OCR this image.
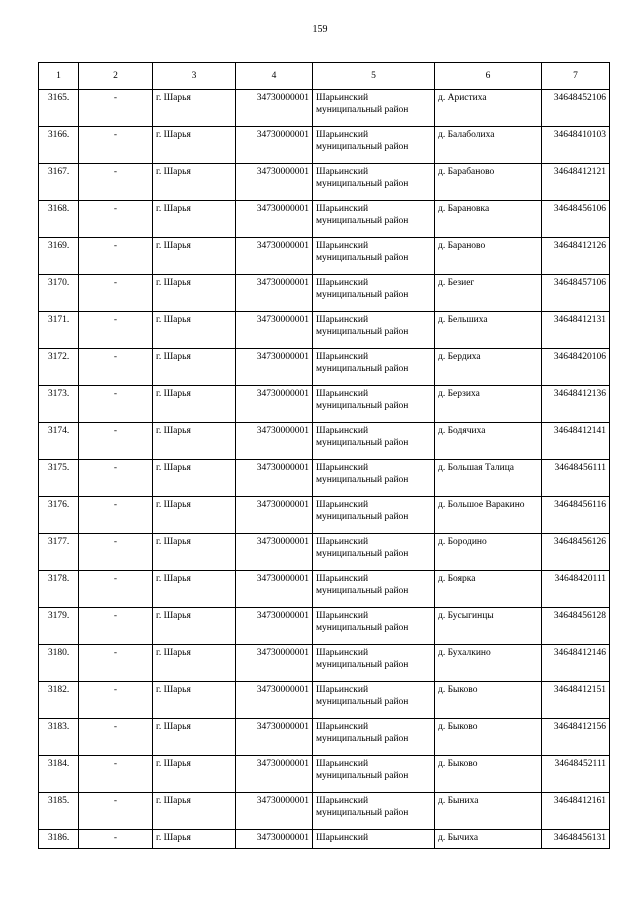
159
1	2	3	4	5	6	7
3165.	-	г. Шарья	34730000001	Шарьинский муниципальный район	д. Аристиха	34648452106
3166.	-	г. Шарья	34730000001	Шарьинский муниципальный район	д. Балаболиха	34648410103
3167.	-	г. Шарья	34730000001	Шарьинский муниципальный район	д. Барабаново	34648412121
3168.	-	г. Шарья	34730000001	Шарьинский муниципальный район	д. Барановка	34648456106
3169.	-	г. Шарья	34730000001	Шарьинский муниципальный район	д. Бараново	34648412126
3170.	-	г. Шарья	34730000001	Шарьинский муниципальный район	д. Безиег	34648457106
3171.	-	г. Шарья	34730000001	Шарьинский муниципальный район	д. Бельшиха	34648412131
3172.	-	г. Шарья	34730000001	Шарьинский муниципальный район	д. Бердиха	34648420106
3173.	-	г. Шарья	34730000001	Шарьинский муниципальный район	д. Берзиха	34648412136
3174.	-	г. Шарья	34730000001	Шарьинский муниципальный район	д. Бодячиха	34648412141
3175.	-	г. Шарья	34730000001	Шарьинский муниципальный район	д. Большая Талица	34648456111
3176.	-	г. Шарья	34730000001	Шарьинский муниципальный район	д. Большое Варакино	34648456116
3177.	-	г. Шарья	34730000001	Шарьинский муниципальный район	д. Бородино	34648456126
3178.	-	г. Шарья	34730000001	Шарьинский муниципальный район	д. Боярка	34648420111
3179.	-	г. Шарья	34730000001	Шарьинский муниципальный район	д. Бусыгинцы	34648456128
3180.	-	г. Шарья	34730000001	Шарьинский муниципальный район	д. Бухалкино	34648412146
3182.	-	г. Шарья	34730000001	Шарьинский муниципальный район	д. Быково	34648412151
3183.	-	г. Шарья	34730000001	Шарьинский муниципальный район	д. Быково	34648412156
3184.	-	г. Шарья	34730000001	Шарьинский муниципальный район	д. Быково	34648452111
3185.	-	г. Шарья	34730000001	Шарьинский муниципальный район	д. Быниха	34648412161
3186.	-	г. Шарья	34730000001	Шарьинский	д. Бычиха	34648456131
